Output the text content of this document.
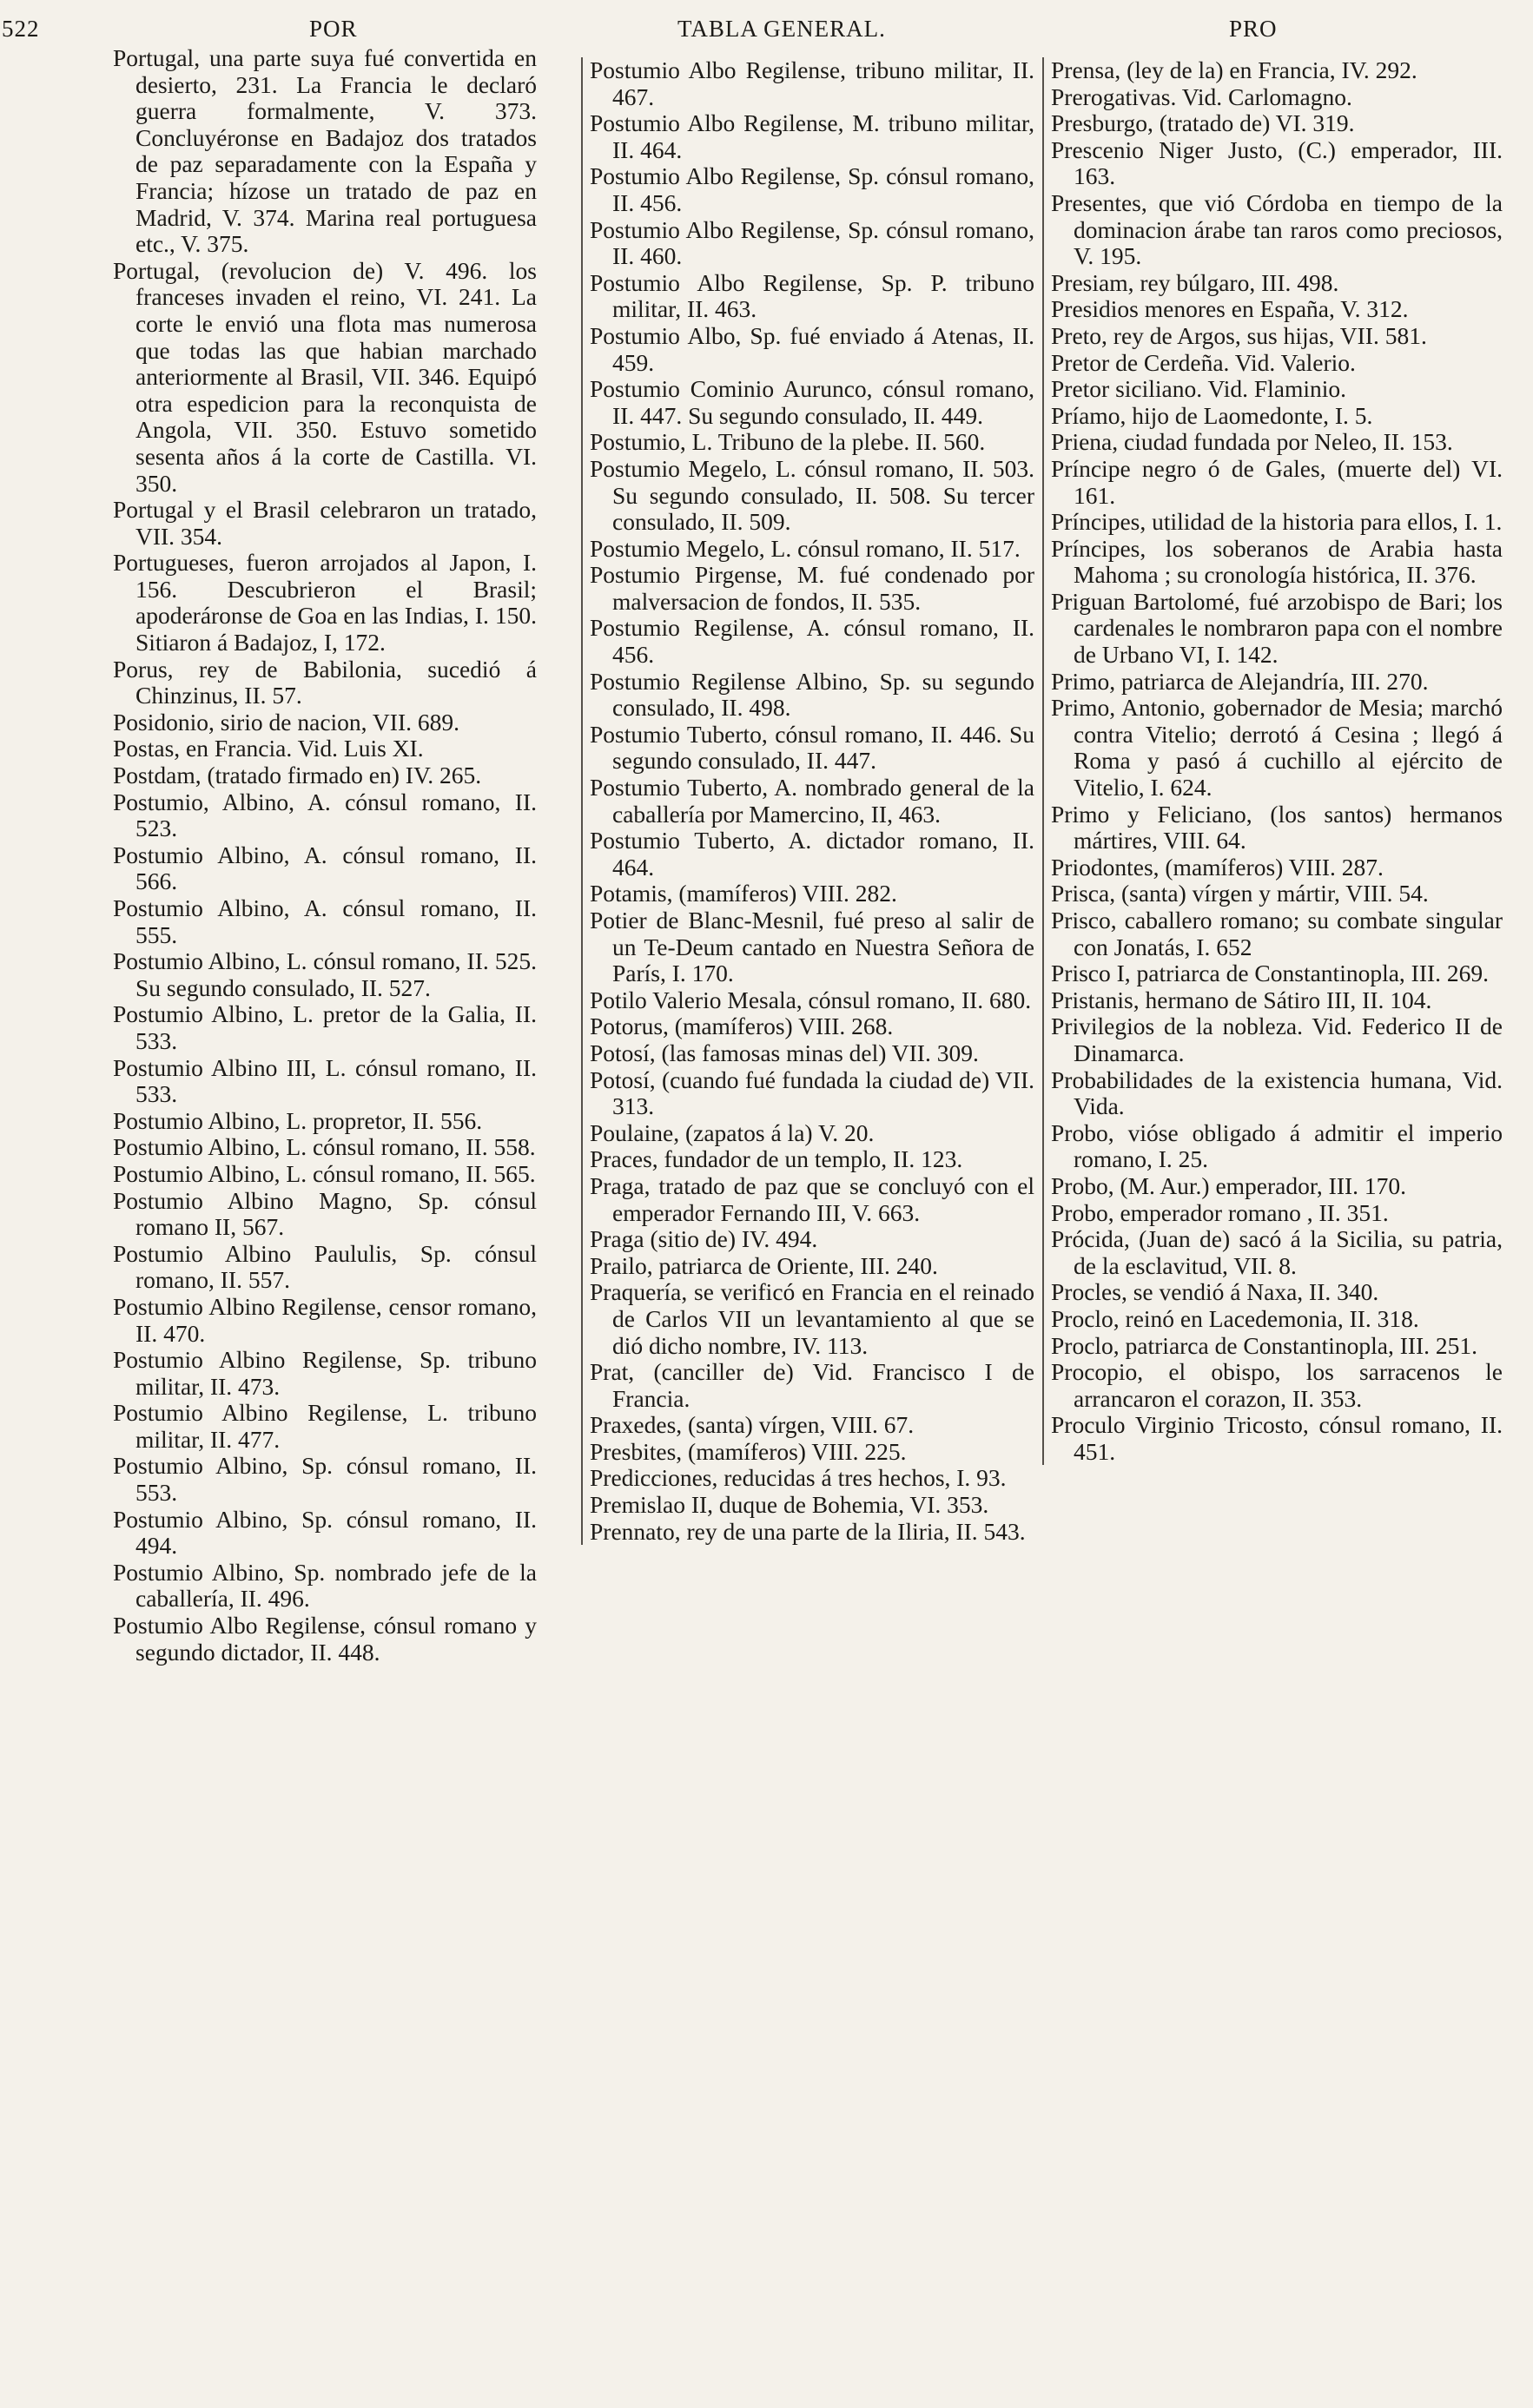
522	POR	TABLA GENERAL.	PRO
Portugal, una parte suya fué convertida en desierto, 231. La Francia le declaró guerra formalmente, V. 373. Concluyéronse en Badajoz dos tratados de paz separadamente con la España y Francia; hízose un tratado de paz en Madrid, V. 374. Marina real portuguesa etc., V. 375.
Portugal, (revolucion de) V. 496. los franceses invaden el reino, VI. 241. La corte le envió una flota mas numerosa que todas las que habian marchado anteriormente al Brasil, VII. 346. Equipó otra espedicion para la reconquista de Angola, VII. 350. Estuvo sometido sesenta años á la corte de Castilla. VI. 350.
Portugal y el Brasil celebraron un tratado, VII. 354.
Portugueses, fueron arrojados al Japon, I. 156. Descubrieron el Brasil; apoderáronse de Goa en las Indias, I. 150. Sitiaron á Badajoz, I, 172.
Porus, rey de Babilonia, sucedió á Chinzinus, II. 57.
Posidonio, sirio de nacion, VII. 689.
Postas, en Francia. Vid. Luis XI.
Postdam, (tratado firmado en) IV. 265.
Postumio, Albino, A. cónsul romano, II. 523.
Postumio Albino, A. cónsul romano, II. 566.
Postumio Albino, A. cónsul romano, II. 555.
Postumio Albino, L. cónsul romano, II. 525. Su segundo consulado, II. 527.
Postumio Albino, L. pretor de la Galia, II. 533.
Postumio Albino III, L. cónsul romano, II. 533.
Postumio Albino, L. propretor, II. 556.
Postumio Albino, L. cónsul romano, II. 558.
Postumio Albino, L. cónsul romano, II. 565.
Postumio Albino Magno, Sp. cónsul romano II, 567.
Postumio Albino Paululis, Sp. cónsul romano, II. 557.
Postumio Albino Regilense, censor romano, II. 470.
Postumio Albino Regilense, Sp. tribuno militar, II. 473.
Postumio Albino Regilense, L. tribuno militar, II. 477.
Postumio Albino, Sp. cónsul romano, II. 553.
Postumio Albino, Sp. cónsul romano, II. 494.
Postumio Albino, Sp. nombrado jefe de la caballería, II. 496.
Postumio Albo Regilense, cónsul romano y segundo dictador, II. 448.
Postumio Albo Regilense, tribuno militar, II. 467.
Postumio Albo Regilense, M. tribuno militar, II. 464.
Postumio Albo Regilense, Sp. cónsul romano, II. 456.
Postumio Albo Regilense, Sp. cónsul romano, II. 460.
Postumio Albo Regilense, Sp. P. tribuno militar, II. 463.
Postumio Albo, Sp. fué enviado á Atenas, II. 459.
Postumio Cominio Aurunco, cónsul romano, II. 447. Su segundo consulado, II. 449.
Postumio, L. Tribuno de la plebe. II. 560.
Postumio Megelo, L. cónsul romano, II. 503. Su segundo consulado, II. 508. Su tercer consulado, II. 509.
Postumio Megelo, L. cónsul romano, II. 517.
Postumio Pirgense, M. fué condenado por malversacion de fondos, II. 535.
Postumio Regilense, A. cónsul romano, II. 456.
Postumio Regilense Albino, Sp. su segundo consulado, II. 498.
Postumio Tuberto, cónsul romano, II. 446. Su segundo consulado, II. 447.
Postumio Tuberto, A. nombrado general de la caballería por Mamercino, II, 463.
Postumio Tuberto, A. dictador romano, II. 464.
Potamis, (mamíferos) VIII. 282.
Potier de Blanc-Mesnil, fué preso al salir de un Te-Deum cantado en Nuestra Señora de París, I. 170.
Potilo Valerio Mesala, cónsul romano, II. 680.
Potorus, (mamíferos) VIII. 268.
Potosí, (las famosas minas del) VII. 309.
Potosí, (cuando fué fundada la ciudad de) VII. 313.
Poulaine, (zapatos á la) V. 20.
Praces, fundador de un templo, II. 123.
Praga, tratado de paz que se concluyó con el emperador Fernando III, V. 663.
Praga (sitio de) IV. 494.
Prailo, patriarca de Oriente, III. 240.
Praquería, se verificó en Francia en el reinado de Carlos VII un levantamiento al que se dió dicho nombre, IV. 113.
Prat, (canciller de) Vid. Francisco I de Francia.
Praxedes, (santa) vírgen, VIII. 67.
Presbites, (mamíferos) VIII. 225.
Predicciones, reducidas á tres hechos, I. 93.
Premislao II, duque de Bohemia, VI. 353.
Prennato, rey de una parte de la Iliria, II. 543.
Prensa, (ley de la) en Francia, IV. 292.
Prerogativas. Vid. Carlomagno.
Presburgo, (tratado de) VI. 319.
Prescenio Niger Justo, (C.) emperador, III. 163.
Presentes, que vió Córdoba en tiempo de la dominacion árabe tan raros como preciosos, V. 195.
Presiam, rey búlgaro, III. 498.
Presidios menores en España, V. 312.
Preto, rey de Argos, sus hijas, VII. 581.
Pretor de Cerdeña. Vid. Valerio.
Pretor siciliano. Vid. Flaminio.
Príamo, hijo de Laomedonte, I. 5.
Priena, ciudad fundada por Neleo, II. 153.
Príncipe negro ó de Gales, (muerte del) VI. 161.
Príncipes, utilidad de la historia para ellos, I. 1.
Príncipes, los soberanos de Arabia hasta Mahoma ; su cronología histórica, II. 376.
Priguan Bartolomé, fué arzobispo de Bari; los cardenales le nombraron papa con el nombre de Urbano VI, I. 142.
Primo, patriarca de Alejandría, III. 270.
Primo, Antonio, gobernador de Mesia; marchó contra Vitelio; derrotó á Cesina ; llegó á Roma y pasó á cuchillo al ejército de Vitelio, I. 624.
Primo y Feliciano, (los santos) hermanos mártires, VIII. 64.
Priodontes, (mamíferos) VIII. 287.
Prisca, (santa) vírgen y mártir, VIII. 54.
Prisco, caballero romano; su combate singular con Jonatás, I. 652
Prisco I, patriarca de Constantinopla, III. 269.
Pristanis, hermano de Sátiro III, II. 104.
Privilegios de la nobleza. Vid. Federico II de Dinamarca.
Probabilidades de la existencia humana, Vid. Vida.
Probo, vióse obligado á admitir el imperio romano, I. 25.
Probo, (M. Aur.) emperador, III. 170.
Probo, emperador romano , II. 351.
Prócida, (Juan de) sacó á la Sicilia, su patria, de la esclavitud, VII. 8.
Procles, se vendió á Naxa, II. 340.
Proclo, reinó en Lacedemonia, II. 318.
Proclo, patriarca de Constantinopla, III. 251.
Procopio, el obispo, los sarracenos le arrancaron el corazon, II. 353.
Proculo Virginio Tricosto, cónsul romano, II. 451.
